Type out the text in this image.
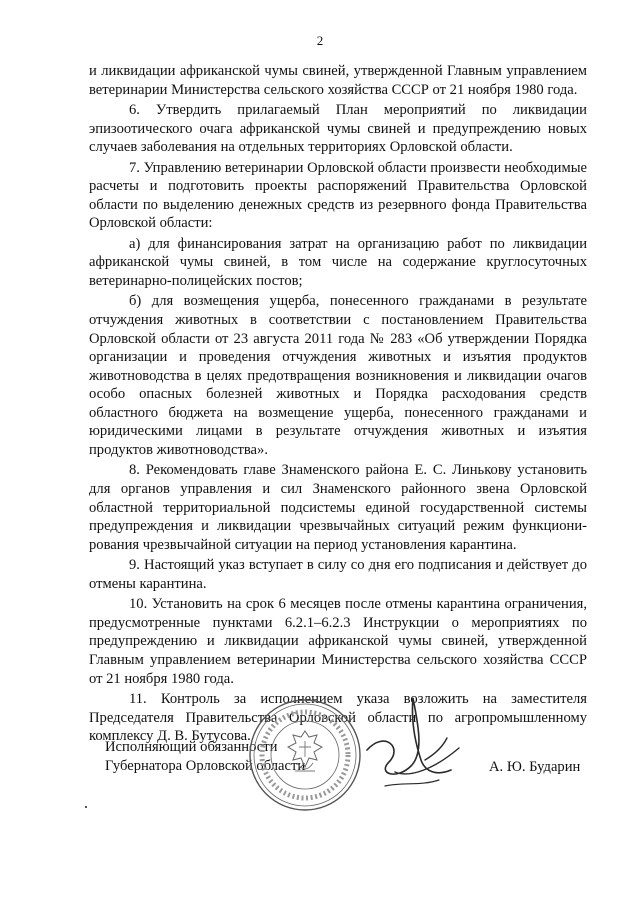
2

и ликвидации африканской чумы свиней, утвержденной Главным управлением ветеринарии Министерства сельского хозяйства СССР от 21 ноября 1980 года.

6. Утвердить прилагаемый План мероприятий по ликвидации эпизоотического очага африканской чумы свиней и предупреждению новых случаев заболевания на отдельных территориях Орловской области.

7. Управлению ветеринарии Орловской области произвести необходимые расчеты и подготовить проекты распоряжений Правительства Орловской области по выделению денежных средств из резервного фонда Правительства Орловской области:

а) для финансирования затрат на организацию работ по ликвидации африканской чумы свиней, в том числе на содержание круглосуточных ветеринарно-полицейских постов;

б) для возмещения ущерба, понесенного гражданами в результате отчуждения животных в соответствии с постановлением Правительства Орловской области от 23 августа 2011 года № 283 «Об утверждении Порядка организации и проведения отчуждения животных и изъятия продуктов животноводства в целях предотвращения возникновения и ликвидации очагов особо опасных болезней животных и Порядка расходования средств областного бюджета на возмещение ущерба, понесенного гражданами и юридическими лицами в результате отчуждения животных и изъятия продуктов животноводства».

8. Рекомендовать главе Знаменского района Е. С. Линькову установить для органов управления и сил Знаменского районного звена Орловской областной территориальной подсистемы единой государственной системы предупреждения и ликвидации чрезвычайных ситуаций режим функциони-рования чрезвычайной ситуации на период установления карантина.

9. Настоящий указ вступает в силу со дня его подписания и действует до отмены карантина.

10. Установить на срок 6 месяцев после отмены карантина ограничения, предусмотренные пунктами 6.2.1–6.2.3 Инструкции о мероприятиях по предупреждению и ликвидации африканской чумы свиней, утвержденной Главным управлением ветеринарии Министерства сельского хозяйства СССР от 21 ноября 1980 года.

11. Контроль за исполнением указа возложить на заместителя Председателя Правительства Орловской области по агропромышленному комплексу Д. В. Бутусова.

Исполняющий обязанности
Губернатора Орловской области	А. Ю. Бударин
